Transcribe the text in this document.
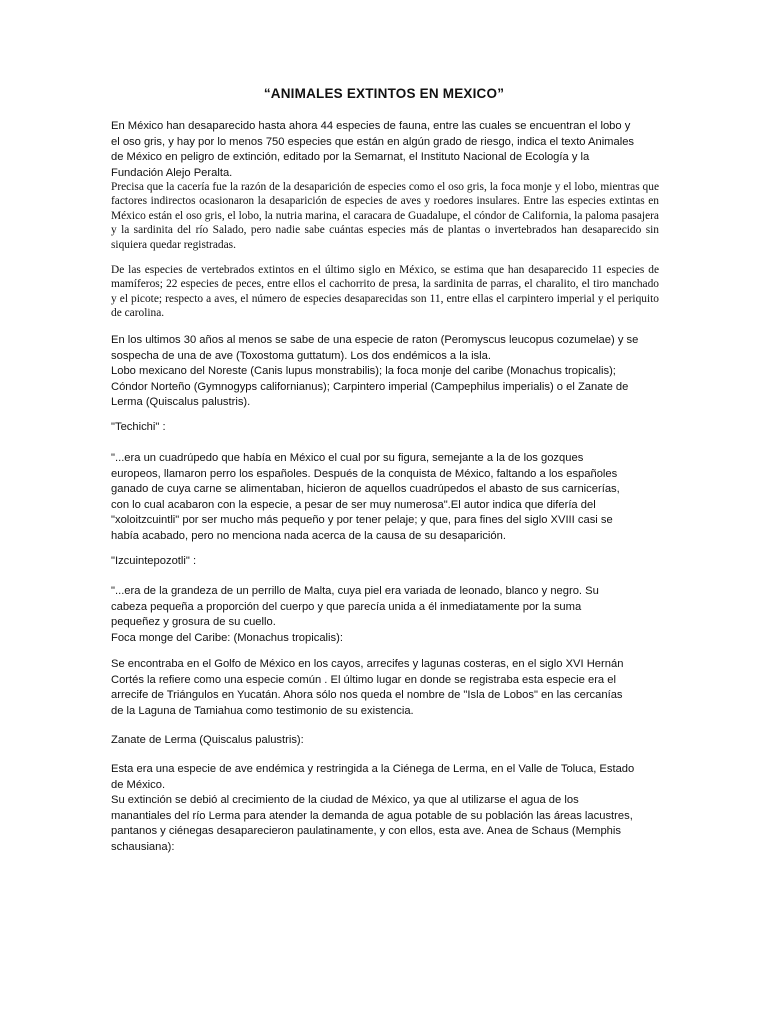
“ANIMALES EXTINTOS EN MEXICO”
En México han desaparecido hasta ahora 44 especies de fauna, entre las cuales se encuentran el lobo y
el oso gris, y hay por lo menos 750 especies que están en algún grado de riesgo, indica el texto Animales
de México en peligro de extinción, editado por la Semarnat, el Instituto Nacional de Ecología y la
Fundación Alejo Peralta.

Precisa que la cacería fue la razón de la desaparición de especies como el oso gris, la foca monje y el lobo, mientras que factores indirectos ocasionaron la desaparición de especies de aves y roedores insulares. Entre las especies extintas en México están el oso gris, el lobo, la nutria marina, el caracara de Guadalupe, el cóndor de California, la paloma pasajera y la sardinita del río Salado, pero nadie sabe cuántas especies más de plantas o invertebrados han desaparecido sin siquiera quedar registradas.

De las especies de vertebrados extintos en el último siglo en México, se estima que han desaparecido 11 especies de mamíferos; 22 especies de peces, entre ellos el cachorrito de presa, la sardinita de parras, el charalito, el tiro manchado y el picote; respecto a aves, el número de especies desaparecidas son 11, entre ellas el carpintero imperial y el periquito de carolina.

En los ultimos 30 años al menos se sabe de una especie de raton (Peromyscus leucopus cozumelae) y se
sospecha de una de ave (Toxostoma guttatum). Los dos endémicos a la isla.
Lobo mexicano del Noreste (Canis lupus monstrabilis); la foca monje del caribe (Monachus tropicalis);
Cóndor Norteño (Gymnogyps californianus); Carpintero imperial (Campephilus imperialis) o el Zanate de
Lerma (Quiscalus palustris).
"Techichi" :
"...era un cuadrúpedo que había en México el cual por su figura, semejante a la de los gozques
europeos, llamaron perro los españoles. Después de la conquista de México, faltando a los españoles
ganado de cuya carne se alimentaban, hicieron de aquellos cuadrúpedos el abasto de sus carnicerías,
con lo cual acabaron con la especie, a pesar de ser muy numerosa".El autor indica que difería del
"xoloitzcuintli" por ser mucho más pequeño y por tener pelaje; y que, para fines del siglo XVIII casi se
había acabado, pero no menciona nada acerca de la causa de su desaparición.
"Izcuintepozotli" :
"...era de la grandeza de un perrillo de Malta, cuya piel era variada de leonado, blanco y negro. Su
cabeza pequeña a proporción del cuerpo y que parecía unida a él inmediatamente por la suma
pequeñez y grosura de su cuello.
Foca monge del Caribe: (Monachus tropicalis):
Se encontraba en el Golfo de México en los cayos, arrecifes y lagunas costeras, en el siglo XVI Hernán
Cortés la refiere como una especie común . El último lugar en donde se registraba esta especie era el
arrecife de Triángulos en Yucatán. Ahora sólo nos queda el nombre de "Isla de Lobos" en las cercanías
de la Laguna de Tamiahua como testimonio de su existencia.
Zanate de Lerma (Quiscalus palustris):
Esta era una especie de ave endémica y restringida a la Ciénega de Lerma, en el Valle de Toluca, Estado
de México.
Su extinción se debió al crecimiento de la ciudad de México, ya que al utilizarse el agua de los
manantiales del río Lerma para atender la demanda de agua potable de su población las áreas lacustres,
pantanos y ciénegas desaparecieron paulatinamente, y con ellos, esta ave. Anea de Schaus (Memphis
schausiana):
